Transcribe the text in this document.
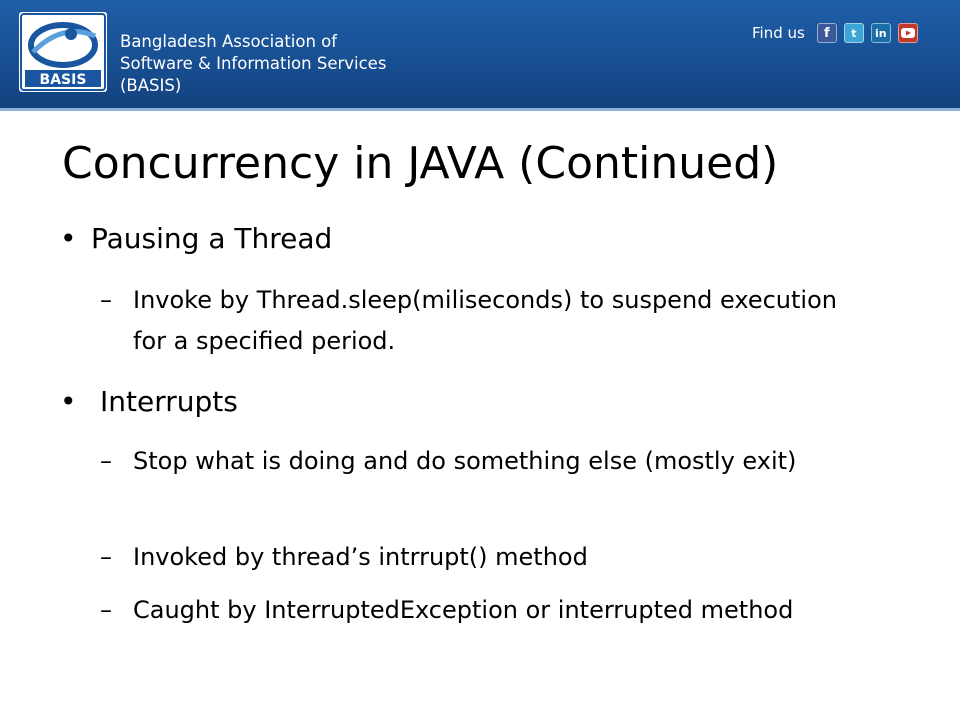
BASIS
Bangladesh Association of
Software & Information Services
(BASIS)
Find us	f	t	in
Concurrency in JAVA (Continued)
• Pausing a Thread
– Invoke by Thread.sleep(miliseconds) to suspend execution for a specified period.
• Interrupts
– Stop what is doing and do something else (mostly exit)
– Invoked by thread’s intrrupt() method
– Caught by InterruptedException or interrupted method
